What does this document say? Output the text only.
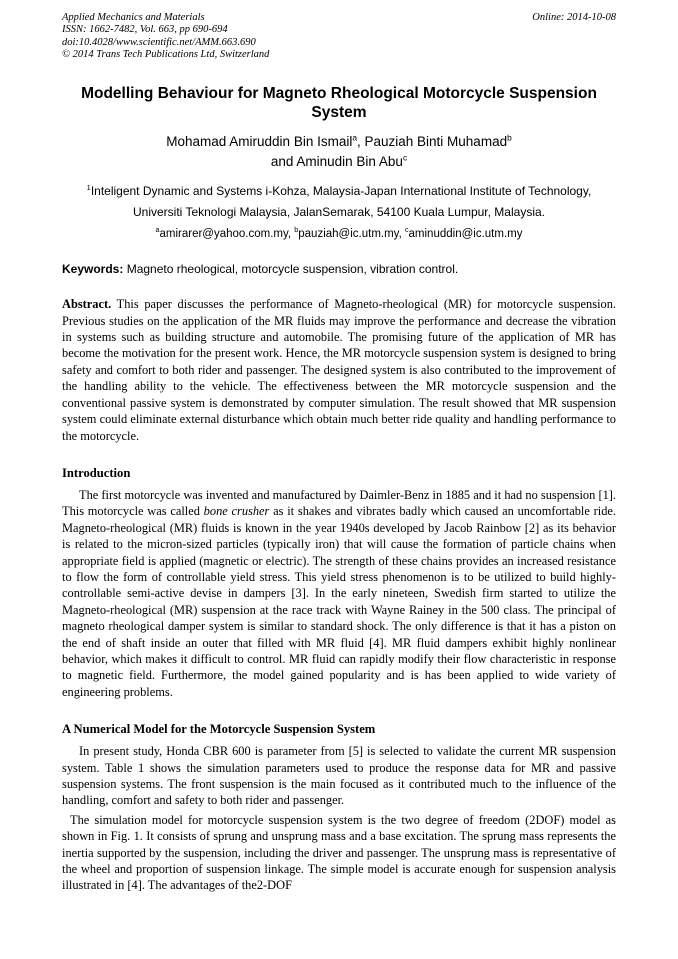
Applied Mechanics and Materials
ISSN: 1662-7482, Vol. 663, pp 690-694
doi:10.4028/www.scientific.net/AMM.663.690
© 2014 Trans Tech Publications Ltd, Switzerland
Online: 2014-10-08
Modelling Behaviour for Magneto Rheological Motorcycle Suspension System
Mohamad Amiruddin Bin Ismail$^a$, Pauziah Binti Muhamad$^b$
and Aminudin Bin Abu$^c$
$^1$Inteligent Dynamic and Systems i-Kohza, Malaysia-Japan International Institute of Technology,
Universiti Teknologi Malaysia, JalanSemarak, 54100 Kuala Lumpur, Malaysia.
$^a$amirarer@yahoo.com.my, $^b$pauziah@ic.utm.my, $^c$aminuddin@ic.utm.my
Keywords: Magneto rheological, motorcycle suspension, vibration control.

Abstract. This paper discusses the performance of Magneto-rheological (MR) for motorcycle suspension. Previous studies on the application of the MR fluids may improve the performance and decrease the vibration in systems such as building structure and automobile. The promising future of the application of MR has become the motivation for the present work. Hence, the MR motorcycle suspension system is designed to bring safety and comfort to both rider and passenger. The designed system is also contributed to the improvement of the handling ability to the vehicle. The effectiveness between the MR motorcycle suspension and the conventional passive system is demonstrated by computer simulation. The result showed that MR suspension system could eliminate external disturbance which obtain much better ride quality and handling performance to the motorcycle.

Introduction

The first motorcycle was invented and manufactured by Daimler-Benz in 1885 and it had no suspension [1]. This motorcycle was called bone crusher as it shakes and vibrates badly which caused an uncomfortable ride. Magneto-rheological (MR) fluids is known in the year 1940s developed by Jacob Rainbow [2] as its behavior is related to the micron-sized particles (typically iron) that will cause the formation of particle chains when appropriate field is applied (magnetic or electric). The strength of these chains provides an increased resistance to flow the form of controllable yield stress. This yield stress phenomenon is to be utilized to build highly-controllable semi-active devise in dampers [3]. In the early nineteen, Swedish firm started to utilize the Magneto-rheological (MR) suspension at the race track with Wayne Rainey in the 500 class. The principal of magneto rheological damper system is similar to standard shock. The only difference is that it has a piston on the end of shaft inside an outer that filled with MR fluid [4]. MR fluid dampers exhibit highly nonlinear behavior, which makes it difficult to control. MR fluid can rapidly modify their flow characteristic in response to magnetic field. Furthermore, the model gained popularity and is has been applied to wide variety of engineering problems.

A Numerical Model for the Motorcycle Suspension System

In present study, Honda CBR 600 is parameter from [5] is selected to validate the current MR suspension system. Table 1 shows the simulation parameters used to produce the response data for MR and passive suspension systems. The front suspension is the main focused as it contributed much to the influence of the handling, comfort and safety to both rider and passenger.

The simulation model for motorcycle suspension system is the two degree of freedom (2DOF) model as shown in Fig. 1. It consists of sprung and unsprung mass and a base excitation. The sprung mass represents the inertia supported by the suspension, including the driver and passenger. The unsprung mass is representative of the wheel and proportion of suspension linkage. The simple model is accurate enough for suspension analysis illustrated in [4]. The advantages of the2-DOF
